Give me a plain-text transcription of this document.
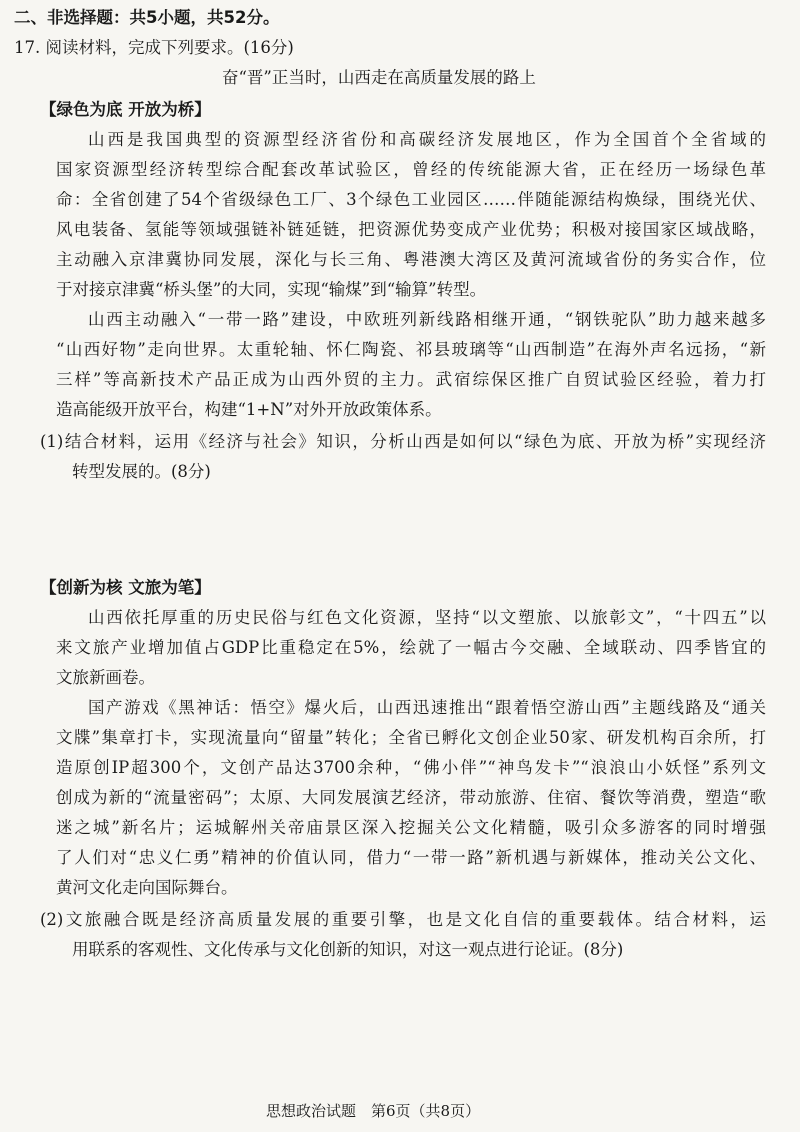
二、非选择题：共5小题，共52分。
17. 阅读材料，完成下列要求。(16分)
奋“晋”正当时，山西走在高质量发展的路上
【绿色为底 开放为桥】
山西是我国典型的资源型经济省份和高碳经济发展地区，作为全国首个全省域的
国家资源型经济转型综合配套改革试验区，曾经的传统能源大省，正在经历一场绿色革
命：全省创建了54个省级绿色工厂、3个绿色工业园区……伴随能源结构焕绿，围绕光伏、
风电装备、氢能等领域强链补链延链，把资源优势变成产业优势；积极对接国家区域战略，
主动融入京津冀协同发展，深化与长三角、粤港澳大湾区及黄河流域省份的务实合作，位
于对接京津冀“桥头堡”的大同，实现“输煤”到“输算”转型。
山西主动融入“一带一路”建设，中欧班列新线路相继开通，“钢铁驼队”助力越来越多
“山西好物”走向世界。太重轮轴、怀仁陶瓷、祁县玻璃等“山西制造”在海外声名远扬，“新
三样”等高新技术产品正成为山西外贸的主力。武宿综保区推广自贸试验区经验，着力打
造高能级开放平台，构建“1+N”对外开放政策体系。
(1)结合材料，运用《经济与社会》知识，分析山西是如何以“绿色为底、开放为桥”实现经济
转型发展的。(8分)
【创新为核 文旅为笔】
山西依托厚重的历史民俗与红色文化资源，坚持“以文塑旅、以旅彰文”，“十四五”以
来文旅产业增加值占GDP比重稳定在5%，绘就了一幅古今交融、全域联动、四季皆宜的
文旅新画卷。
国产游戏《黑神话：悟空》爆火后，山西迅速推出“跟着悟空游山西”主题线路及“通关
文牒”集章打卡，实现流量向“留量”转化；全省已孵化文创企业50家、研发机构百余所，打
造原创IP超300个，文创产品达3700余种，“佛小伴”“神鸟发卡”“浪浪山小妖怪”系列文
创成为新的“流量密码”；太原、大同发展演艺经济，带动旅游、住宿、餐饮等消费，塑造“歌
迷之城”新名片；运城解州关帝庙景区深入挖掘关公文化精髓，吸引众多游客的同时增强
了人们对“忠义仁勇”精神的价值认同，借力“一带一路”新机遇与新媒体，推动关公文化、
黄河文化走向国际舞台。
(2)文旅融合既是经济高质量发展的重要引擎，也是文化自信的重要载体。结合材料，运
用联系的客观性、文化传承与文化创新的知识，对这一观点进行论证。(8分)
思想政治试题　第6页（共8页）
